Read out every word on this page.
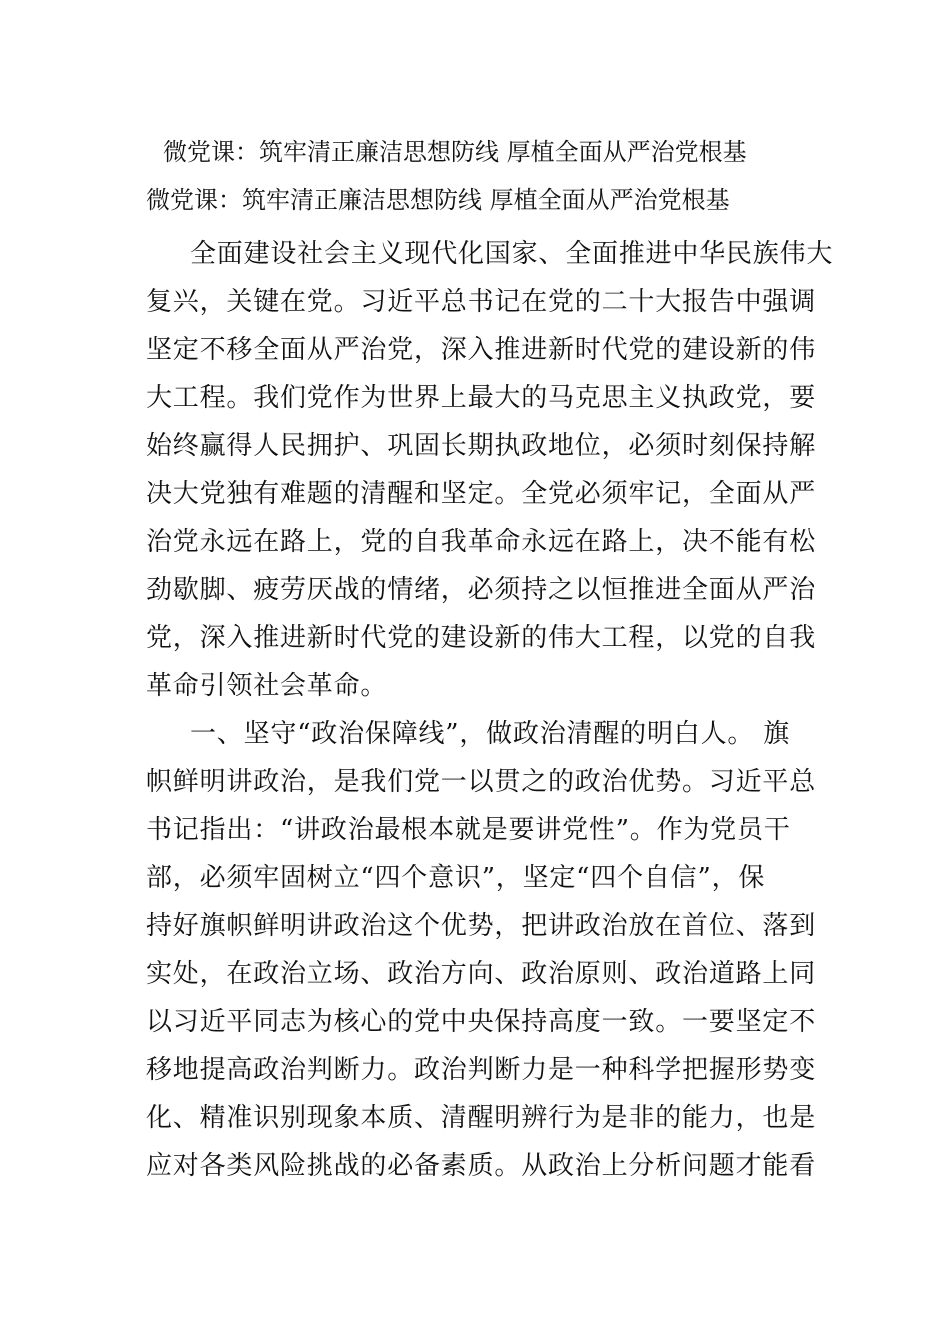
微党课：筑牢清正廉洁思想防线 厚植全面从严治党根基
微党课：筑牢清正廉洁思想防线 厚植全面从严治党根基
全面建设社会主义现代化国家、全面推进中华民族伟大
复兴，关键在党。习近平总书记在党的二十大报告中强调
坚定不移全面从严治党，深入推进新时代党的建设新的伟
大工程。我们党作为世界上最大的马克思主义执政党，要
始终赢得人民拥护、巩固长期执政地位，必须时刻保持解
决大党独有难题的清醒和坚定。全党必须牢记，全面从严
治党永远在路上，党的自我革命永远在路上，决不能有松
劲歇脚、疲劳厌战的情绪，必须持之以恒推进全面从严治
党，深入推进新时代党的建设新的伟大工程，以党的自我
革命引领社会革命。
一、坚守“政治保障线”，做政治清醒的明白人。 旗
帜鲜明讲政治，是我们党一以贯之的政治优势。习近平总
书记指出：“讲政治最根本就是要讲党性”。作为党员干
部，必须牢固树立“四个意识”，坚定“四个自信”，保
持好旗帜鲜明讲政治这个优势，把讲政治放在首位、落到
实处，在政治立场、政治方向、政治原则、政治道路上同
以习近平同志为核心的党中央保持高度一致。一要坚定不
移地提高政治判断力。政治判断力是一种科学把握形势变
化、精准识别现象本质、清醒明辨行为是非的能力，也是
应对各类风险挑战的必备素质。从政治上分析问题才能看
